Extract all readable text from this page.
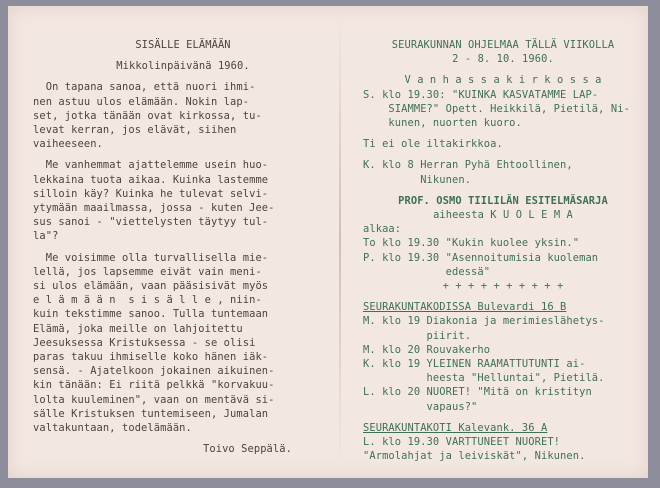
SISÄLLE ELÄMÄÄN
Mikkolinpäivänä 1960.
On tapana sanoa, että nuori ihmi-
nen astuu ulos elämään. Nokin lap-
set, jotka tänään ovat kirkossa, tu-
levat kerran, jos elävät, siihen
vaiheeseen.
Me vanhemmat ajattelemme usein huo-
lekkaina tuota aikaa. Kuinka lastemme
silloin käy? Kuinka he tulevat selvi-
ytymään maailmassa, jossa - kuten Jee-
sus sanoi - "viettelysten täytyy tul-
la"?
Me voisimme olla turvallisella mie-
lellä, jos lapsemme eivät vain meni-
si ulos elämään, vaan pääsisivät myös
e l ä m ä ä n  s i s ä l l e , niin-
kuin tekstimme sanoo. Tulla tuntemaan
Elämä, joka meille on lahjoitettu
Jeesuksessa Kristuksessa - se olisi
paras takuu ihmiselle koko hänen iäk-
sensä. - Ajatelkoon jokainen aikuinen-
kin tänään: Ei riitä pelkkä "korvakuu-
lolta kuuleminen", vaan on mentävä si-
sälle Kristuksen tuntemiseen, Jumalan
valtakuntaan, todelämään.
Toivo Seppälä.
SEURAKUNNAN OHJELMAA TÄLLÄ VIIKOLLA
2 - 8. 10. 1960.
V a n h a s s a k i r k o s s a
S. klo 19.30: "KUINKA KASVATAMME LAP-
SIAMME?" Opett. Heikkilä, Pietilä, Ni-
kunen, nuorten kuoro.
Ti ei ole iltakirkkoa.
K. klo 8 Herran Pyhä Ehtoollinen,
Nikunen.
PROF. OSMO TIILILÄN ESITELMÄSARJA
aiheesta K U O L E M A
alkaa:
To klo 19.30 "Kukin kuolee yksin."
P. klo 19.30 "Asennoitumisia kuoleman
edessä"
+ + + + + + + + + +
SEURAKUNTAKODISSA Bulevardi 16 B
M. klo 19 Diakonia ja merimieslähetys-
piirit.
M. klo 20 Rouvakerho
K. klo 19 YLEINEN RAAMATTUTUNTI ai-
heesta "Helluntai", Pietilä.
L. klo 20 NUORET! "Mitä on kristityn
vapaus?"
SEURAKUNTAKOTI Kalevank. 36 A
L. klo 19.30 VARTTUNEET NUORET!
"Armolahjat ja leiviskät", Nikunen.
